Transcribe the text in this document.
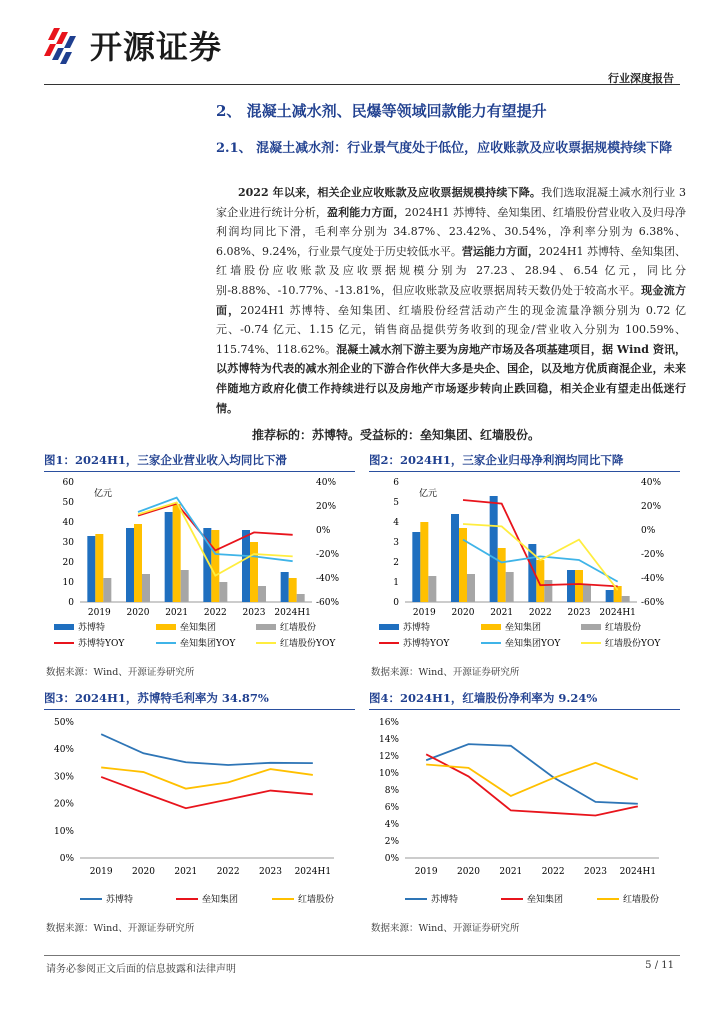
开源证券
行业深度报告
2、 混凝土减水剂、民爆等领域回款能力有望提升
2.1、 混凝土减水剂：行业景气度处于低位，应收账款及应收票据规模持续下降

2022 年以来，相关企业应收账款及应收票据规模持续下降。我们选取混凝土减水剂行业 3 家企业进行统计分析，盈利能力方面，2024H1 苏博特、垒知集团、红墙股份营业收入及归母净利润均同比下滑，毛利率分别为 34.87%、23.42%、30.54%，净利率分别为 6.38%、6.08%、9.24%，行业景气度处于历史较低水平。营运能力方面，2024H1 苏博特、垒知集团、红墙股份应收账款及应收票据规模分别为 27.23、28.94、6.54 亿元，同比分别-8.88%、-10.77%、-13.81%，但应收账款及应收票据周转天数仍处于较高水平。现金流方面，2024H1 苏博特、垒知集团、红墙股份经营活动产生的现金流量净额分别为 0.72 亿元、-0.74 亿元、1.15 亿元，销售商品提供劳务收到的现金/营业收入分别为 100.59%、115.74%、118.62%。混凝土减水剂下游主要为房地产市场及各项基建项目，据 Wind 资讯，以苏博特为代表的减水剂企业的下游合作伙伴大多是央企、国企，以及地方优质商混企业，未来伴随地方政府化债工作持续进行以及房地产市场逐步转向止跌回稳，相关企业有望走出低迷行情。

推荐标的：苏博特。受益标的：垒知集团、红墙股份。
图1：2024H1，三家企业营业收入均同比下滑
亿元
0
10
20
30
40
50
60
-60%
-40%
-20%
0%
20%
40%
2019 2020 2021 2022 2023 2024H1
苏博特	垒知集团	红墙股份
苏博特YOY	垒知集团YOY	红墙股份YOY
数据来源：Wind、开源证券研究所
图2：2024H1，三家企业归母净利润均同比下降
亿元
0
1
2
3
4
5
6
-60%
-40%
-20%
0%
20%
40%
2019 2020 2021 2022 2023 2024H1
苏博特	垒知集团	红墙股份
苏博特YOY	垒知集团YOY	红墙股份YOY
数据来源：Wind、开源证券研究所
图3：2024H1，苏博特毛利率为 34.87%
0%
10%
20%
30%
40%
50%
2019 2020 2021 2022 2023 2024H1
苏博特	垒知集团	红墙股份
数据来源：Wind、开源证券研究所
图4：2024H1，红墙股份净利率为 9.24%
0%
2%
4%
6%
8%
10%
12%
14%
16%
2019 2020 2021 2022 2023 2024H1
苏博特	垒知集团	红墙股份
数据来源：Wind、开源证券研究所
请务必参阅正文后面的信息披露和法律声明	5 / 11
